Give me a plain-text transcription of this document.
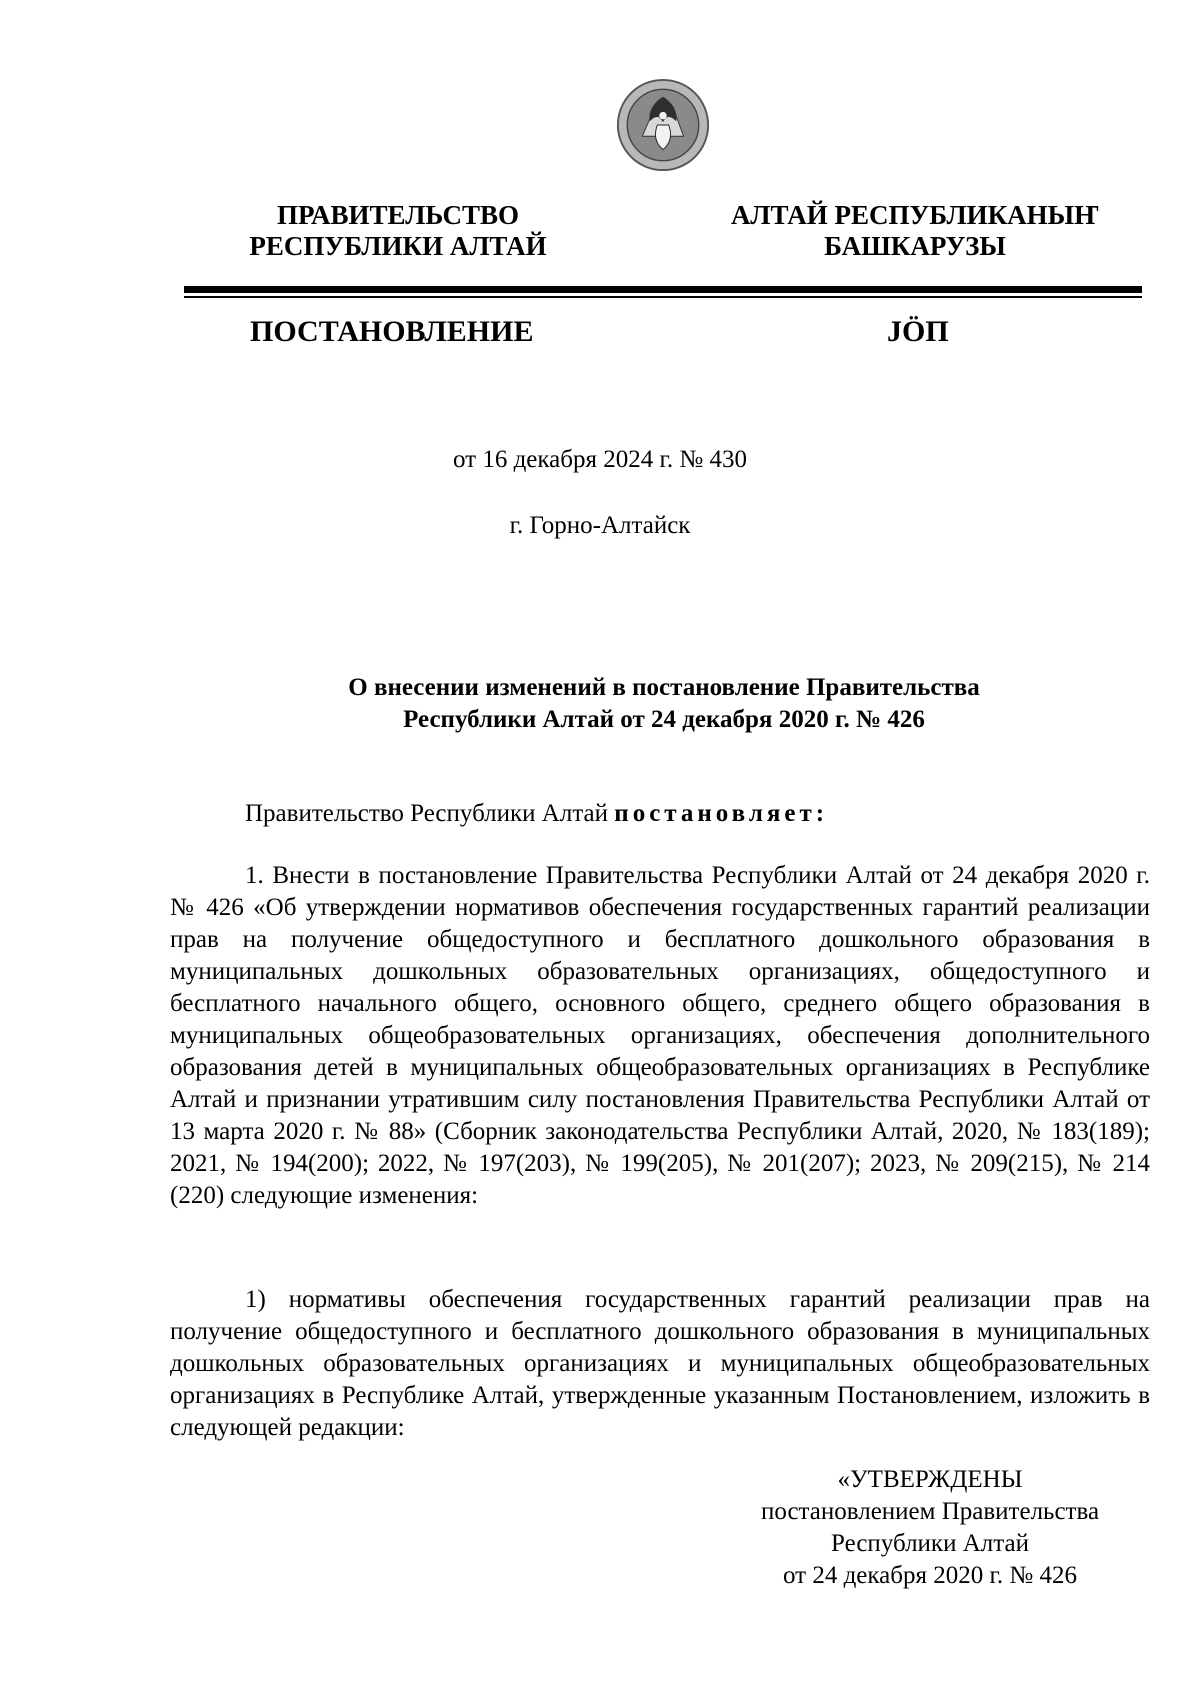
ПРАВИТЕЛЬСТВО
РЕСПУБЛИКИ АЛТАЙ
АЛТАЙ РЕСПУБЛИКАНЫҤ
БАШКАРУЗЫ
ПОСТАНОВЛЕНИЕ	JӦП
от 16 декабря 2024 г. № 430
г. Горно-Алтайск
О внесении изменений в постановление Правительства
Республики Алтай от 24 декабря 2020 г. № 426
Правительство Республики Алтай постановляет:
1. Внести в постановление Правительства Республики Алтай от 24 декабря 2020 г. № 426 «Об утверждении нормативов обеспечения государственных гарантий реализации прав на получение общедоступного и бесплатного дошкольного образования в муниципальных дошкольных образовательных организациях, общедоступного и бесплатного начального общего, основного общего, среднего общего образования в муниципальных общеобразовательных организациях, обеспечения дополнительного образования детей в муниципальных общеобразовательных организациях в Республике Алтай и признании утратившим силу постановления Правительства Республики Алтай от 13 марта 2020 г. № 88» (Сборник законодательства Республики Алтай, 2020, № 183(189); 2021, № 194(200); 2022, № 197(203), № 199(205), № 201(207); 2023, № 209(215), № 214 (220) следующие изменения:
1) нормативы обеспечения государственных гарантий реализации прав на получение общедоступного и бесплатного дошкольного образования в муниципальных дошкольных образовательных организациях и муниципальных общеобразовательных организациях в Республике Алтай, утвержденные указанным Постановлением, изложить в следующей редакции:
«УТВЕРЖДЕНЫ
постановлением Правительства
Республики Алтай
от 24 декабря 2020 г. № 426
